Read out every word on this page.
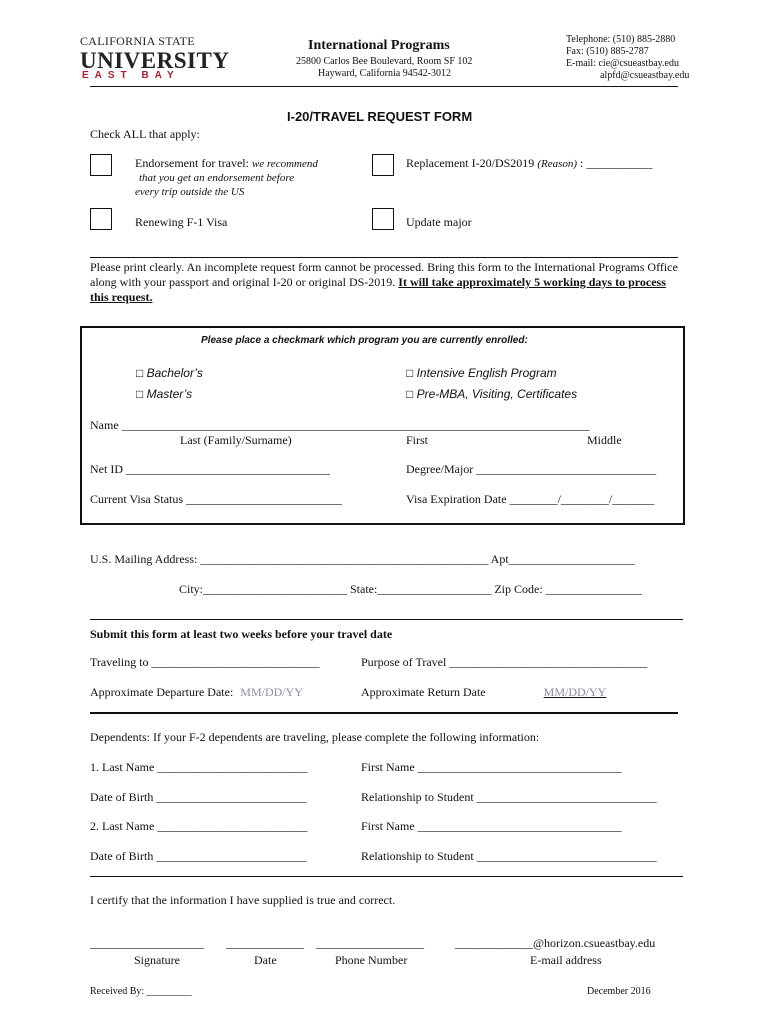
CALIFORNIA STATE
UNIVERSITY
EAST BAY
International Programs
25800 Carlos Bee Boulevard, Room SF 102
Hayward, California 94542-3012
Telephone: (510) 885-2880
Fax: (510) 885-2787
E-mail: cie@csueastbay.edu
alpfd@csueastbay.edu
I-20/TRAVEL REQUEST FORM
Check ALL that apply:
Endorsement for travel: we recommend
that you get an endorsement before
every trip outside the US
Replacement I-20/DS2019 (Reason) : ___________
Renewing F-1 Visa	Update major
Please print clearly. An incomplete request form cannot be processed. Bring this form to the International Programs Office along with your passport and original I-20 or original DS-2019. It will take approximately 5 working days to process this request.
Please place a checkmark which program you are currently enrolled:
□ Bachelor’s
□ Master’s
□ Intensive English Program
□ Pre-MBA, Visiting, Certificates
Name ______________________________________________________________________________
Last (Family/Surname)	First	Middle
Net ID __________________________________	Degree/Major ______________________________
Current Visa Status __________________________	Visa Expiration Date ________/________/_______
U.S. Mailing Address: ________________________________________________ Apt_____________________
City:________________________ State:___________________ Zip Code: ________________
Submit this form at least two weeks before your travel date
Traveling to ____________________________	Purpose of Travel _________________________________
Approximate Departure Date: MM/DD/YY	Approximate Return Date	MM/DD/YY
Dependents: If your F-2 dependents are traveling, please complete the following information:
1. Last Name _________________________	First Name __________________________________
Date of Birth _________________________	Relationship to Student ______________________________
2. Last Name _________________________	First Name __________________________________
Date of Birth _________________________	Relationship to Student ______________________________
I certify that the information I have supplied is true and correct.
___________________ _____________ __________________	_____________@horizon.csueastbay.edu
Signature	Date	Phone Number	E-mail address
Received By: _________	December 2016
